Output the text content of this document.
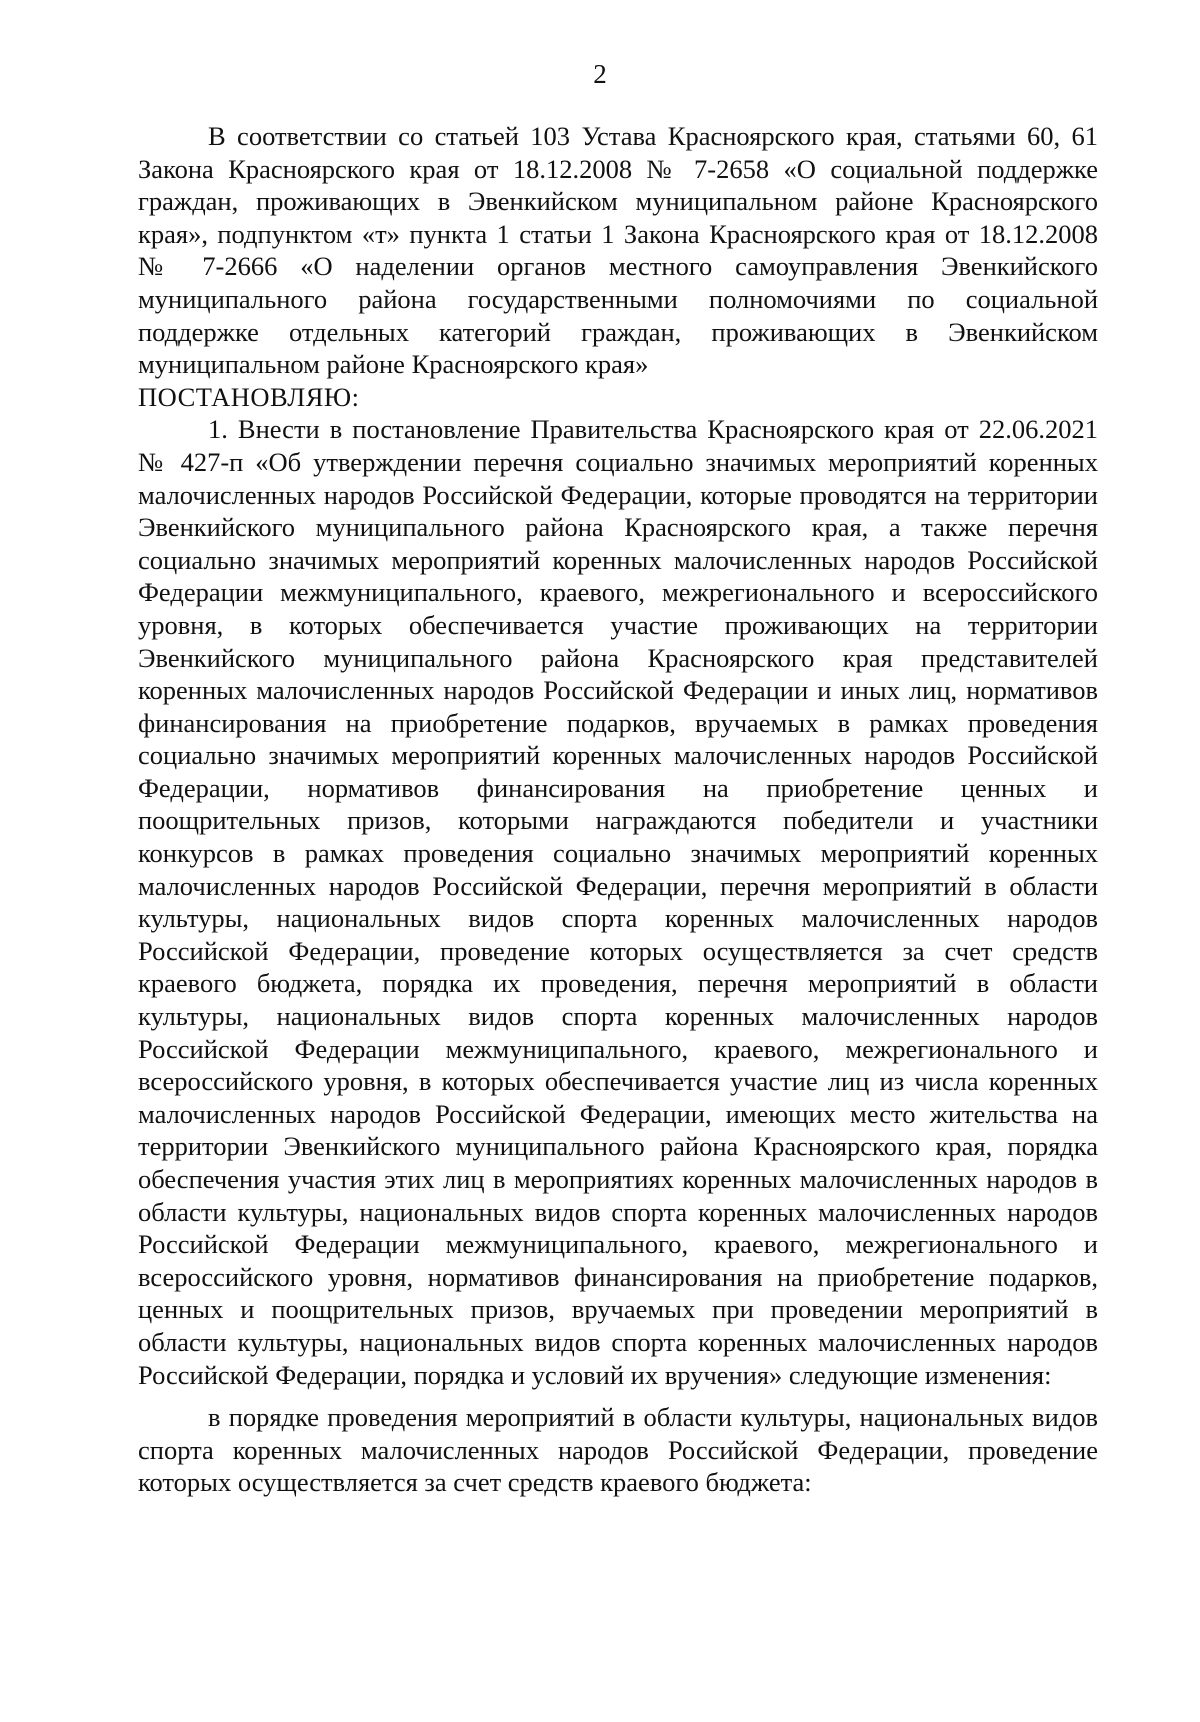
2

В соответствии со статьей 103 Устава Красноярского края, статьями 60, 61 Закона Красноярского края от 18.12.2008 № 7-2658 «О социальной поддержке граждан, проживающих в Эвенкийском муниципальном районе Красноярского края», подпунктом «т» пункта 1 статьи 1 Закона Красноярского края от 18.12.2008 № 7-2666 «О наделении органов местного самоуправления Эвенкийского муниципального района государственными полномочиями по социальной поддержке отдельных категорий граждан, проживающих в Эвенкийском муниципальном районе Красноярского края»
ПОСТАНОВЛЯЮ:

1. Внести в постановление Правительства Красноярского края от 22.06.2021 № 427-п «Об утверждении перечня социально значимых мероприятий коренных малочисленных народов Российской Федерации, которые проводятся на территории Эвенкийского муниципального района Красноярского края, а также перечня социально значимых мероприятий коренных малочисленных народов Российской Федерации межмуниципального, краевого, межрегионального и всероссийского уровня, в которых обеспечивается участие проживающих на территории Эвенкийского муниципального района Красноярского края представителей коренных малочисленных народов Российской Федерации и иных лиц, нормативов финансирования на приобретение подарков, вручаемых в рамках проведения социально значимых мероприятий коренных малочисленных народов Российской Федерации, нормативов финансирования на приобретение ценных и поощрительных призов, которыми награждаются победители и участники конкурсов в рамках проведения социально значимых мероприятий коренных малочисленных народов Российской Федерации, перечня мероприятий в области культуры, национальных видов спорта коренных малочисленных народов Российской Федерации, проведение которых осуществляется за счет средств краевого бюджета, порядка их проведения, перечня мероприятий в области культуры, национальных видов спорта коренных малочисленных народов Российской Федерации межмуниципального, краевого, межрегионального и всероссийского уровня, в которых обеспечивается участие лиц из числа коренных малочисленных народов Российской Федерации, имеющих место жительства на территории Эвенкийского муниципального района Красноярского края, порядка обеспечения участия этих лиц в мероприятиях коренных малочисленных народов в области культуры, национальных видов спорта коренных малочисленных народов Российской Федерации межмуниципального, краевого, межрегионального и всероссийского уровня, нормативов финансирования на приобретение подарков, ценных и поощрительных призов, вручаемых при проведении мероприятий в области культуры, национальных видов спорта коренных малочисленных народов Российской Федерации, порядка и условий их вручения» следующие изменения:

в порядке проведения мероприятий в области культуры, национальных видов спорта коренных малочисленных народов Российской Федерации, проведение которых осуществляется за счет средств краевого бюджета:
